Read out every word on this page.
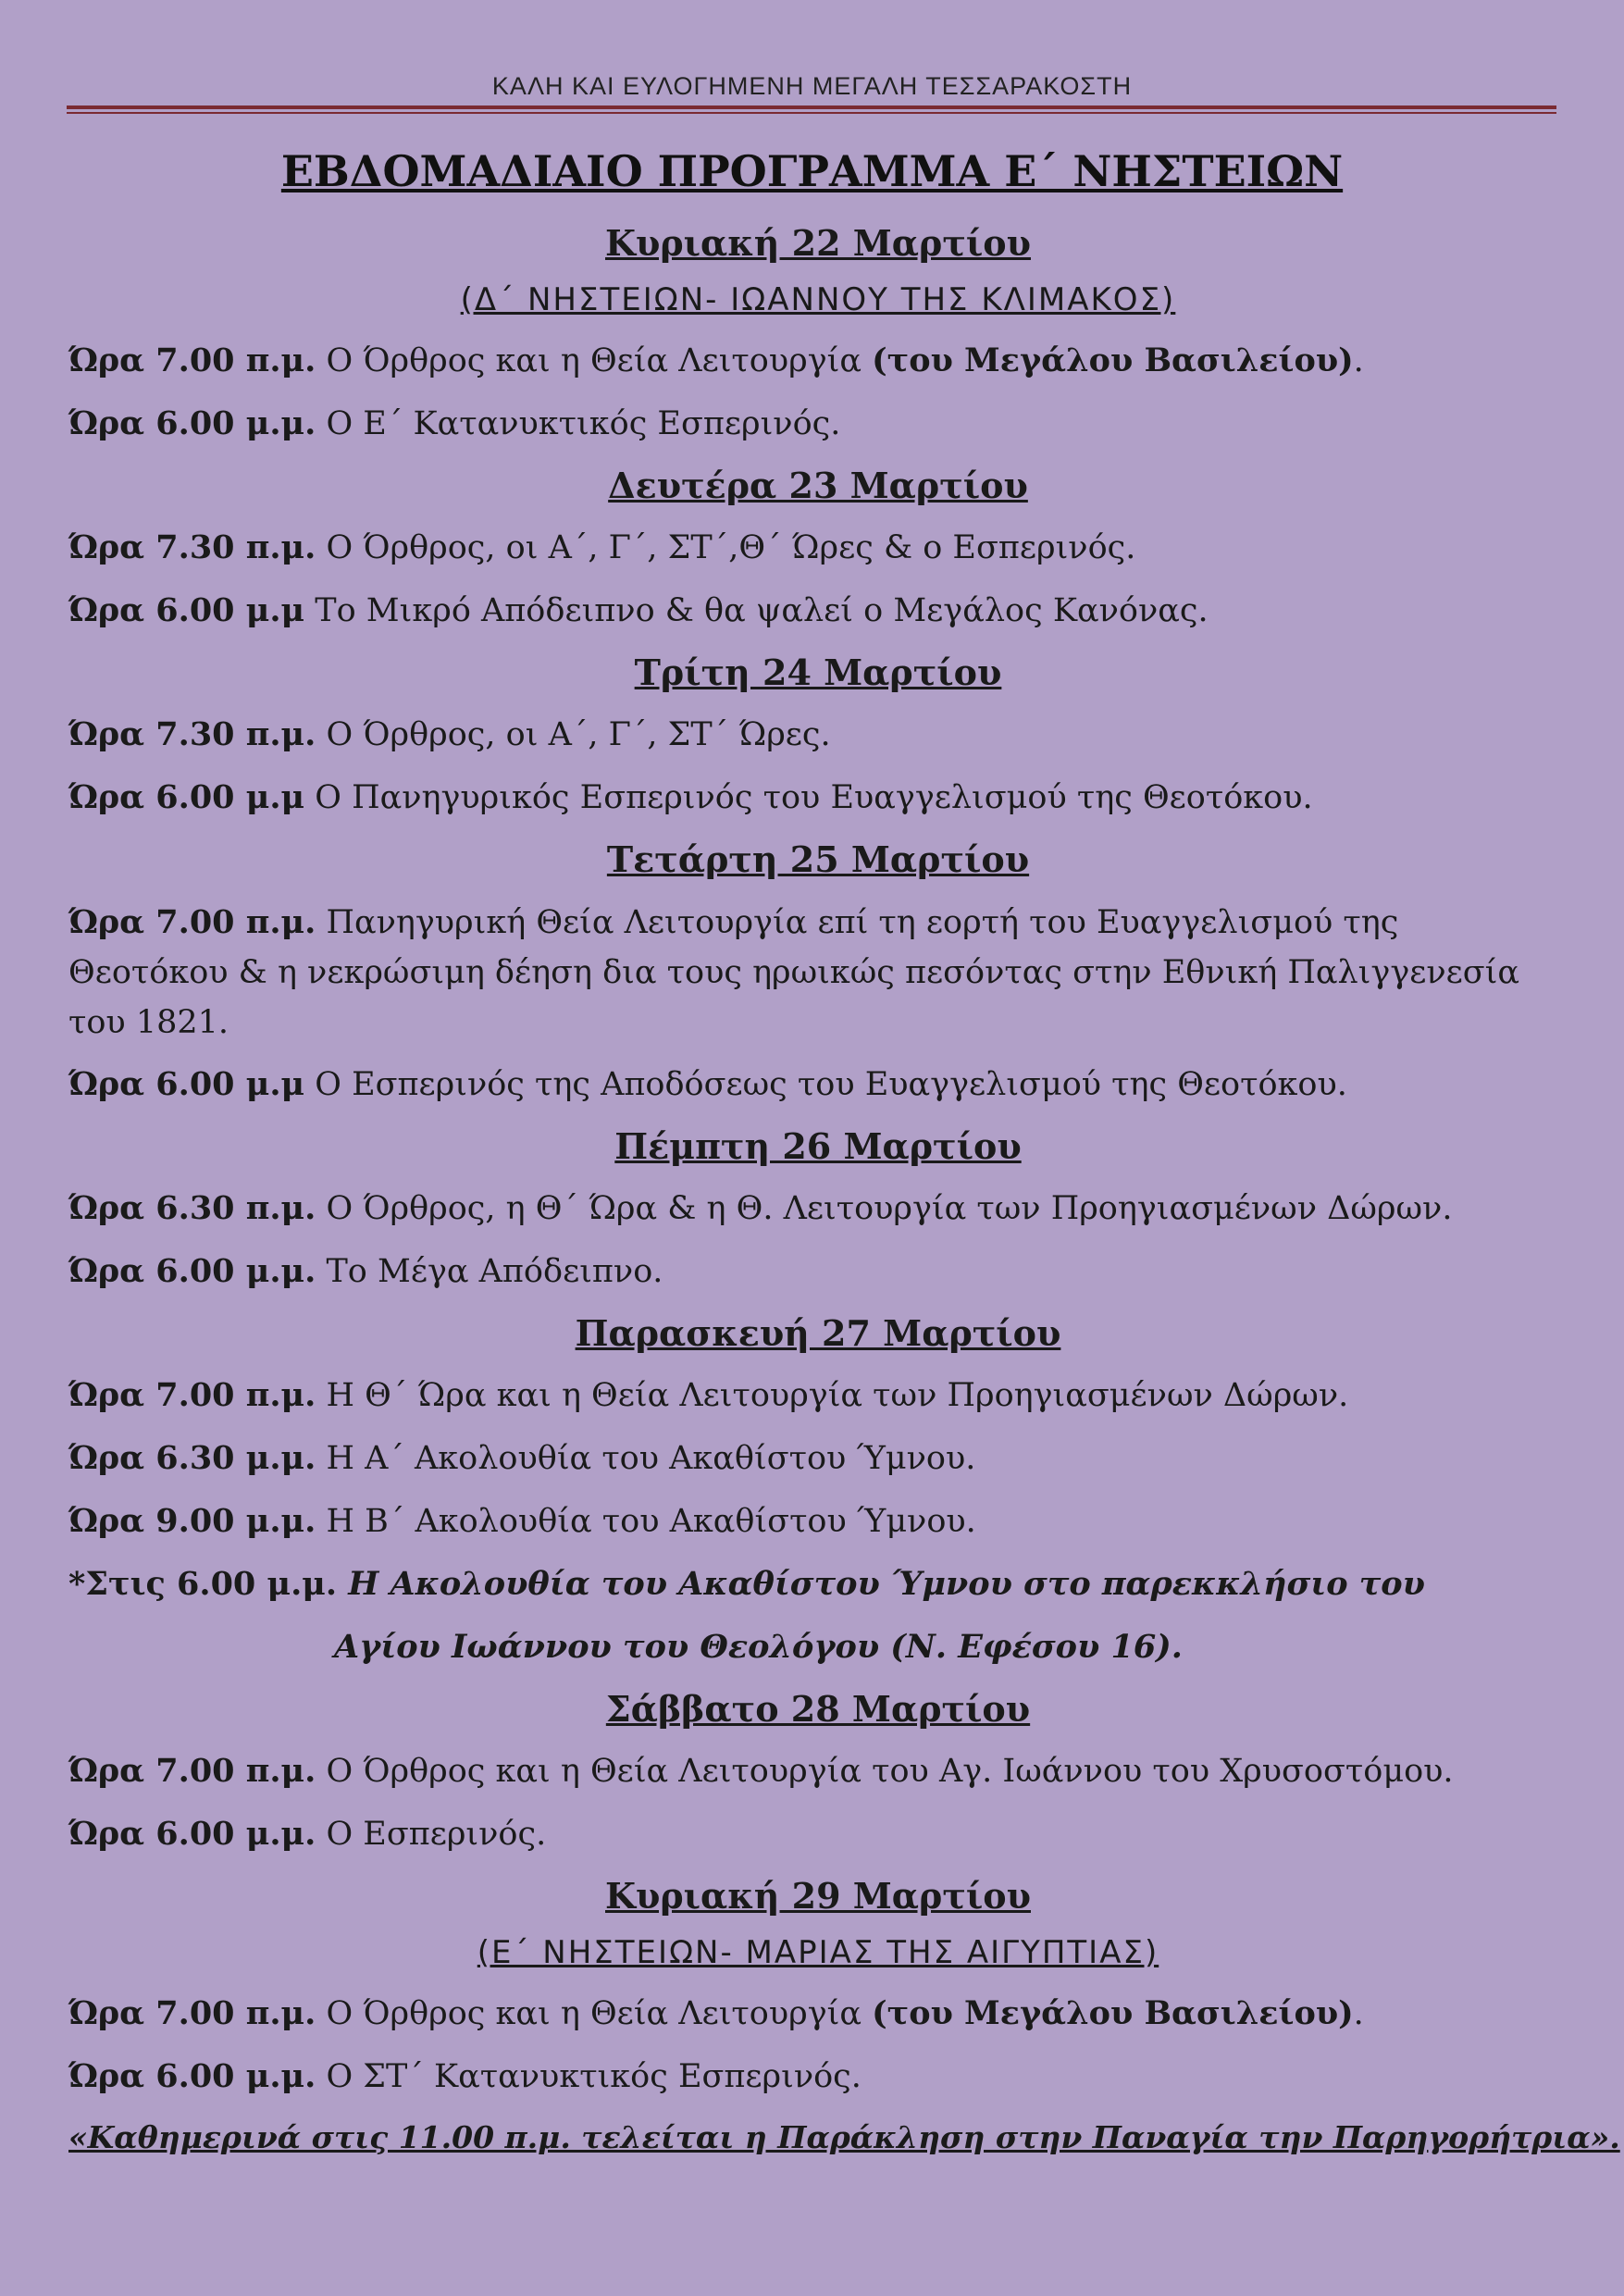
ΚΑΛΗ ΚΑΙ ΕΥΛΟΓΗΜΕΝΗ ΜΕΓΑΛΗ ΤΕΣΣΑΡΑΚΟΣΤΗ
ΕΒΔΟΜΑΔΙΑΙΟ ΠΡΟΓΡΑΜΜΑ Ε΄ ΝΗΣΤΕΙΩΝ
Κυριακή 22 Μαρτίου
(Δ΄ ΝΗΣΤΕΙΩΝ- ΙΩΑΝΝΟΥ ΤΗΣ ΚΛΙΜΑΚΟΣ)
Ώρα 7.00 π.μ. Ο Όρθρος και η Θεία Λειτουργία (του Μεγάλου Βασιλείου).
Ώρα 6.00 μ.μ. Ο Ε΄ Κατανυκτικός Εσπερινός.
Δευτέρα 23 Μαρτίου
Ώρα 7.30 π.μ. Ο Όρθρος, οι Α΄, Γ΄, ΣΤ΄,Θ΄ Ώρες & ο Εσπερινός.
Ώρα 6.00 μ.μ Το Μικρό Απόδειπνο & θα ψαλεί ο Μεγάλος Κανόνας.
Τρίτη 24 Μαρτίου
Ώρα 7.30 π.μ. Ο Όρθρος, οι Α΄, Γ΄, ΣΤ΄ Ώρες.
Ώρα 6.00 μ.μ Ο Πανηγυρικός Εσπερινός του Ευαγγελισμού της Θεοτόκου.
Τετάρτη 25 Μαρτίου
Ώρα 7.00 π.μ. Πανηγυρική Θεία Λειτουργία επί τη εορτή του Ευαγγελισμού της Θεοτόκου & η νεκρώσιμη δέηση δια τους ηρωικώς πεσόντας στην Εθνική Παλιγγενεσία του 1821.
Ώρα 6.00 μ.μ Ο Εσπερινός της Αποδόσεως του Ευαγγελισμού της Θεοτόκου.
Πέμπτη 26 Μαρτίου
Ώρα 6.30 π.μ. Ο Όρθρος, η Θ΄ Ώρα & η Θ. Λειτουργία των Προηγιασμένων Δώρων.
Ώρα 6.00 μ.μ. Το Μέγα Απόδειπνο.
Παρασκευή 27 Μαρτίου
Ώρα 7.00 π.μ. Η Θ΄ Ώρα και η Θεία Λειτουργία των Προηγιασμένων Δώρων.
Ώρα 6.30 μ.μ. Η Α΄ Ακολουθία του Ακαθίστου Ύμνου.
Ώρα 9.00 μ.μ. Η Β΄ Ακολουθία του Ακαθίστου Ύμνου.
*Στις 6.00 μ.μ. Η Ακολουθία του Ακαθίστου Ύμνου στο παρεκκλήσιο του
Αγίου Ιωάννου του Θεολόγου (Ν. Εφέσου 16).
Σάββατο 28 Μαρτίου
Ώρα 7.00 π.μ. Ο Όρθρος και η Θεία Λειτουργία του Αγ. Ιωάννου του Χρυσοστόμου.
Ώρα 6.00 μ.μ. Ο Εσπερινός.
Κυριακή 29 Μαρτίου
(Ε΄ ΝΗΣΤΕΙΩΝ- ΜΑΡΙΑΣ ΤΗΣ ΑΙΓΥΠΤΙΑΣ)
Ώρα 7.00 π.μ. Ο Όρθρος και η Θεία Λειτουργία (του Μεγάλου Βασιλείου).
Ώρα 6.00 μ.μ. Ο ΣΤ΄ Κατανυκτικός Εσπερινός.
«Καθημερινά στις 11.00 π.μ. τελείται η Παράκληση στην Παναγία την Παρηγορήτρια».
